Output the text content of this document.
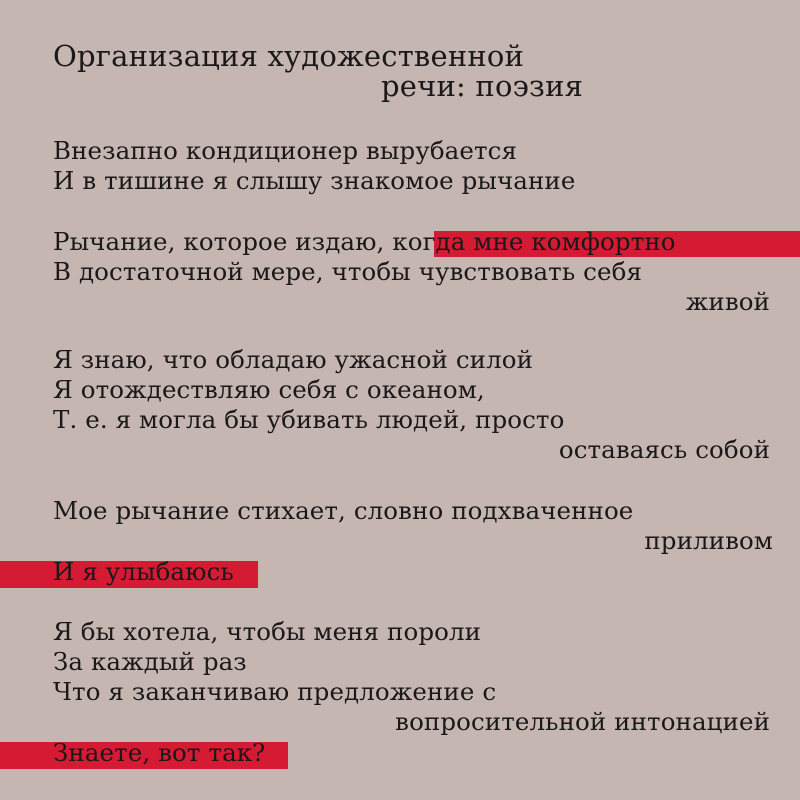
Организация художественной
речи: поэзия
Внезапно кондиционер вырубается
И в тишине я слышу знакомое рычание
Рычание, которое издаю, когда мне комфортно
В достаточной мере, чтобы чувствовать себя
живой
Я знаю, что обладаю ужасной силой
Я отождествляю себя с океаном,
Т. е. я могла бы убивать людей, просто
оставаясь собой
Мое рычание стихает, словно подхваченное
приливом
И я улыбаюсь
Я бы хотела, чтобы меня пороли
За каждый раз
Что я заканчиваю предложение с
вопросительной интонацией
Знаете, вот так?
